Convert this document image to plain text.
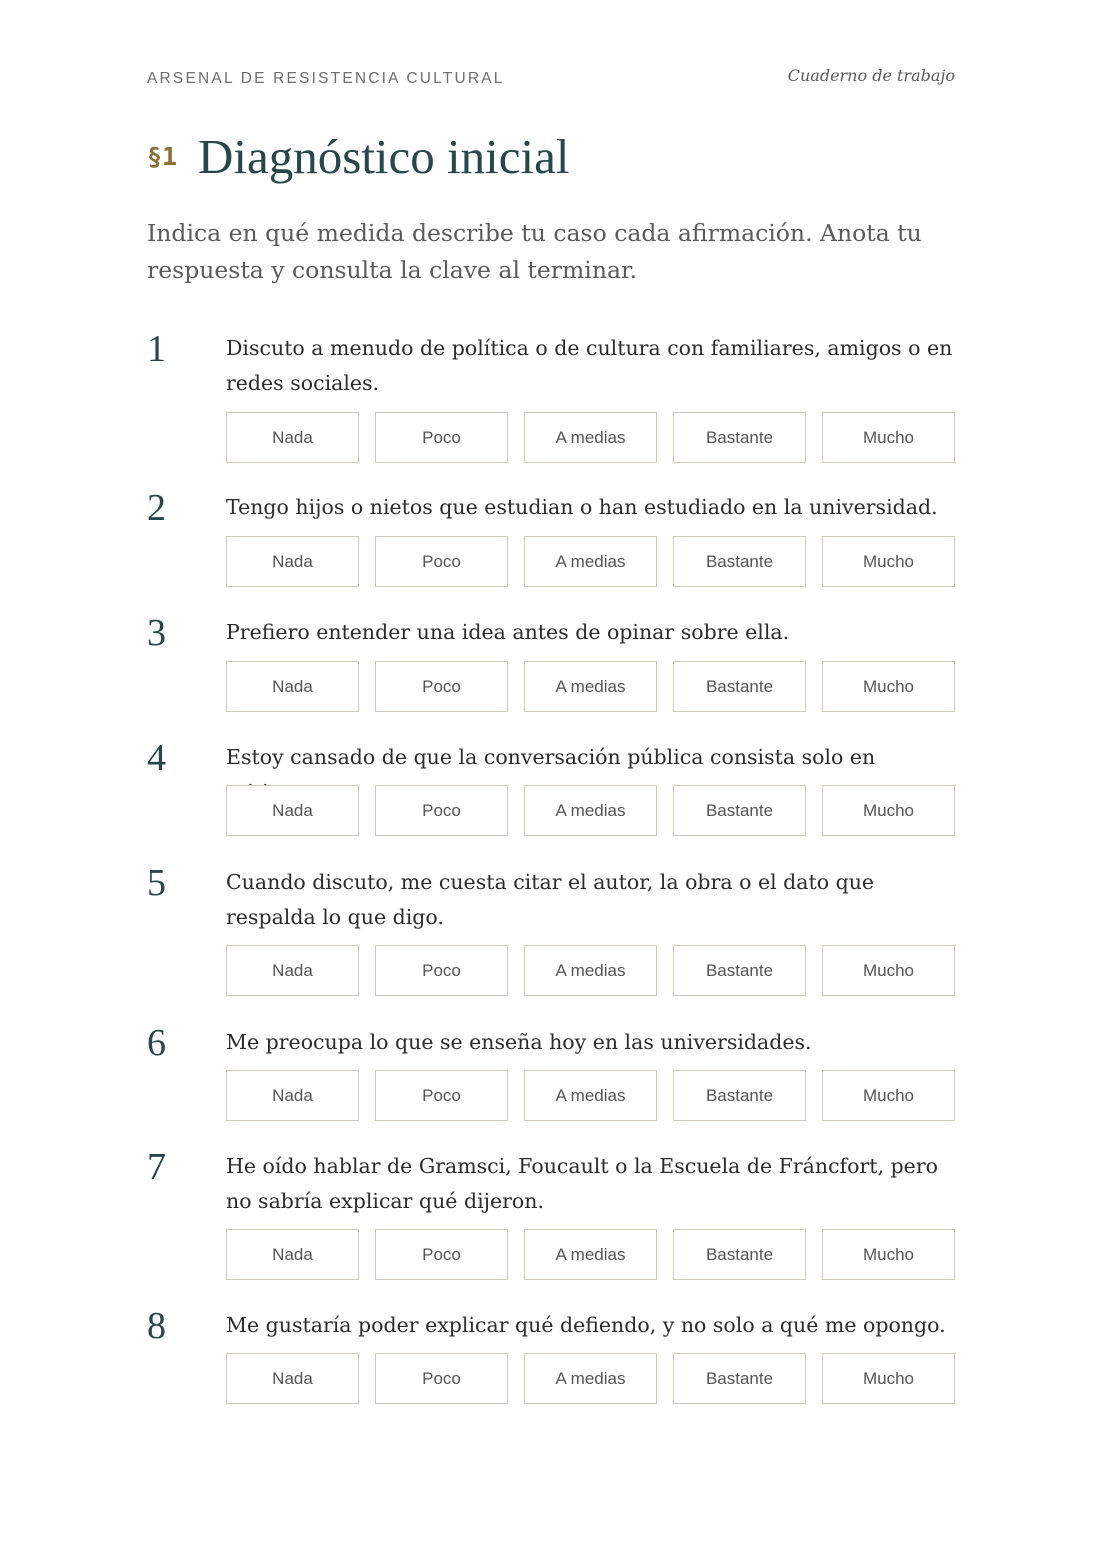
ARSENAL DE RESISTENCIA CULTURAL	Cuaderno de trabajo
§1 Diagnóstico inicial

Indica en qué medida describe tu caso cada afirmación. Anota tu respuesta y consulta la clave al terminar.

1	Discuto a menudo de política o de cultura con familiares, amigos o en redes sociales.

Nada	Poco	A medias	Bastante	Mucho
2	Tengo hijos o nietos que estudian o han estudiado en la universidad.

Nada	Poco	A medias	Bastante	Mucho
3	Prefiero entender una idea antes de opinar sobre ella.

Nada	Poco	A medias	Bastante	Mucho
4	Estoy cansado de que la conversación pública consista solo en

Nada	Poco	A medias	Bastante	Mucho
5	Cuando discuto, me cuesta citar el autor, la obra o el dato que respalda lo que digo.

Nada	Poco	A medias	Bastante	Mucho
6	Me preocupa lo que se enseña hoy en las universidades.

Nada	Poco	A medias	Bastante	Mucho
7	He oído hablar de Gramsci, Foucault o la Escuela de Fráncfort, pero no sabría explicar qué dijeron.

Nada	Poco	A medias	Bastante	Mucho
8	Me gustaría poder explicar qué defiendo, y no solo a qué me opongo.

Nada	Poco	A medias	Bastante	Mucho
